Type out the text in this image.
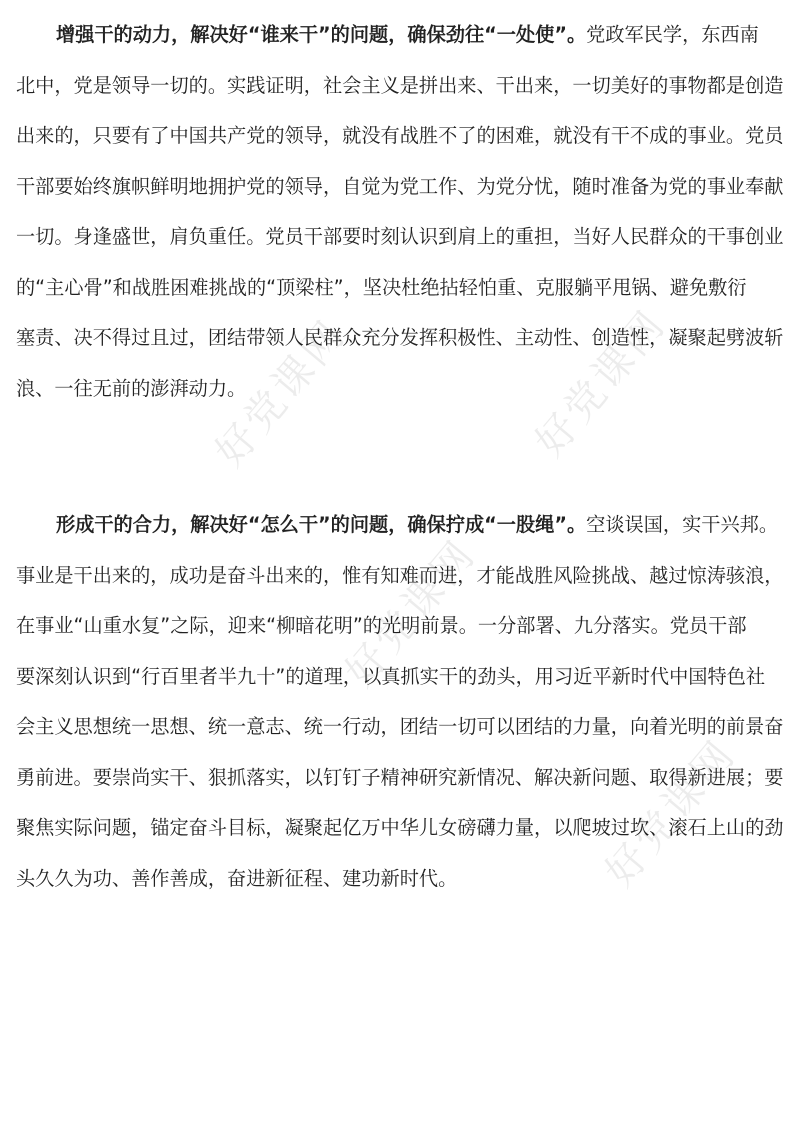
好党课网	好党课网
好党课网
好党课网
增强干的动力，解决好“谁来干”的问题，确保劲往“一处使”。党政军民学，东西南
北中，党是领导一切的。实践证明，社会主义是拼出来、干出来，一切美好的事物都是创造
出来的，只要有了中国共产党的领导，就没有战胜不了的困难，就没有干不成的事业。党员
干部要始终旗帜鲜明地拥护党的领导，自觉为党工作、为党分忧，随时准备为党的事业奉献
一切。身逢盛世，肩负重任。党员干部要时刻认识到肩上的重担，当好人民群众的干事创业
的“主心骨”和战胜困难挑战的“顶梁柱”，坚决杜绝拈轻怕重、克服躺平甩锅、避免敷衍
塞责、决不得过且过，团结带领人民群众充分发挥积极性、主动性、创造性，凝聚起劈波斩
浪、一往无前的澎湃动力。
形成干的合力，解决好“怎么干”的问题，确保拧成“一股绳”。空谈误国，实干兴邦。
事业是干出来的，成功是奋斗出来的，惟有知难而进，才能战胜风险挑战、越过惊涛骇浪，
在事业“山重水复”之际，迎来“柳暗花明”的光明前景。一分部署、九分落实。党员干部
要深刻认识到“行百里者半九十”的道理，以真抓实干的劲头，用习近平新时代中国特色社
会主义思想统一思想、统一意志、统一行动，团结一切可以团结的力量，向着光明的前景奋
勇前进。要崇尚实干、狠抓落实，以钉钉子精神研究新情况、解决新问题、取得新进展；要
聚焦实际问题，锚定奋斗目标，凝聚起亿万中华儿女磅礴力量，以爬坡过坎、滚石上山的劲
头久久为功、善作善成，奋进新征程、建功新时代。
